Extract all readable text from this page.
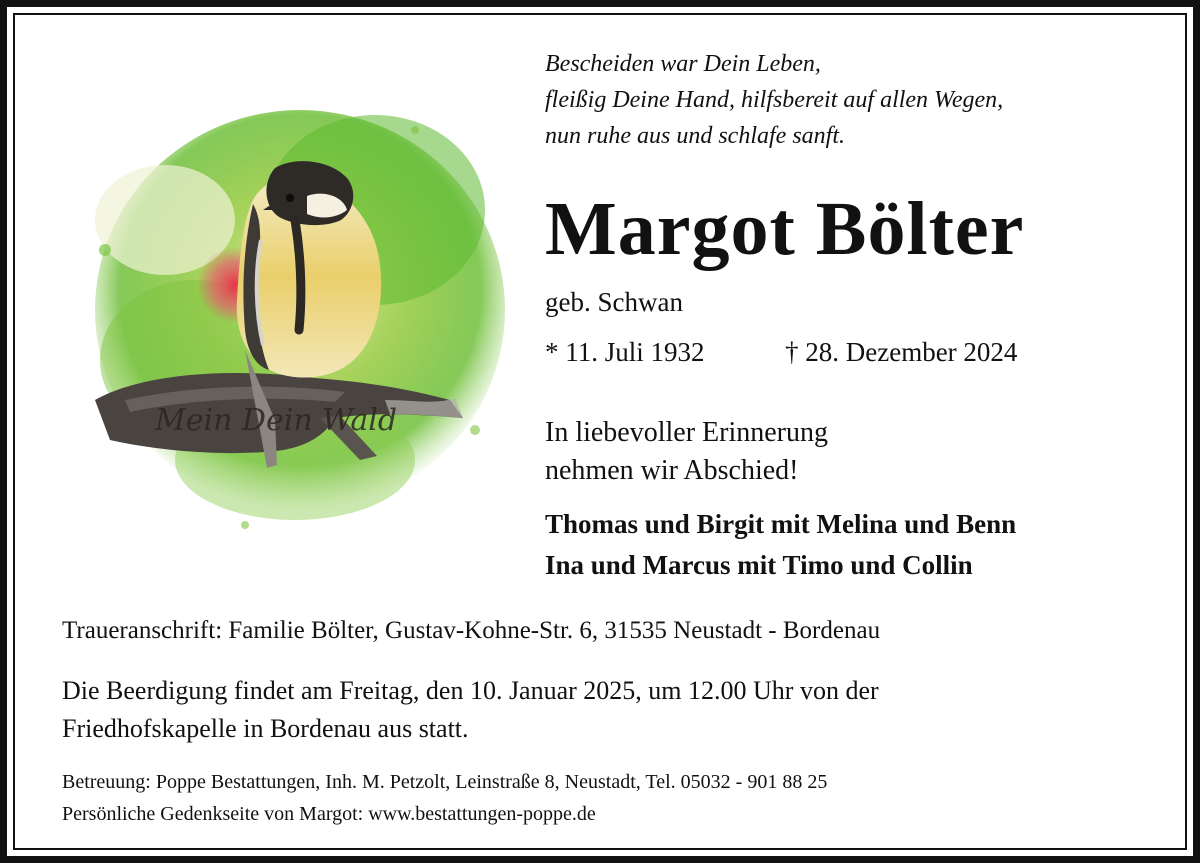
Mein Dein Wald
Bescheiden war Dein Leben,
fleißig Deine Hand, hilfsbereit auf allen Wegen,
nun ruhe aus und schlafe sanft.
Margot Bölter
geb. Schwan
* 11. Juli 1932	† 28. Dezember 2024
In liebevoller Erinnerung
nehmen wir Abschied!
Thomas und Birgit mit Melina und Benn
Ina und Marcus mit Timo und Collin
Traueranschrift: Familie Bölter, Gustav-Kohne-Str. 6, 31535 Neustadt - Bordenau
Die Beerdigung findet am Freitag, den 10. Januar 2025, um 12.00 Uhr von der
Friedhofskapelle in Bordenau aus statt.
Betreuung: Poppe Bestattungen, Inh. M. Petzolt, Leinstraße 8, Neustadt, Tel. 05032 - 901 88 25
Persönliche Gedenkseite von Margot: www.bestattungen-poppe.de
